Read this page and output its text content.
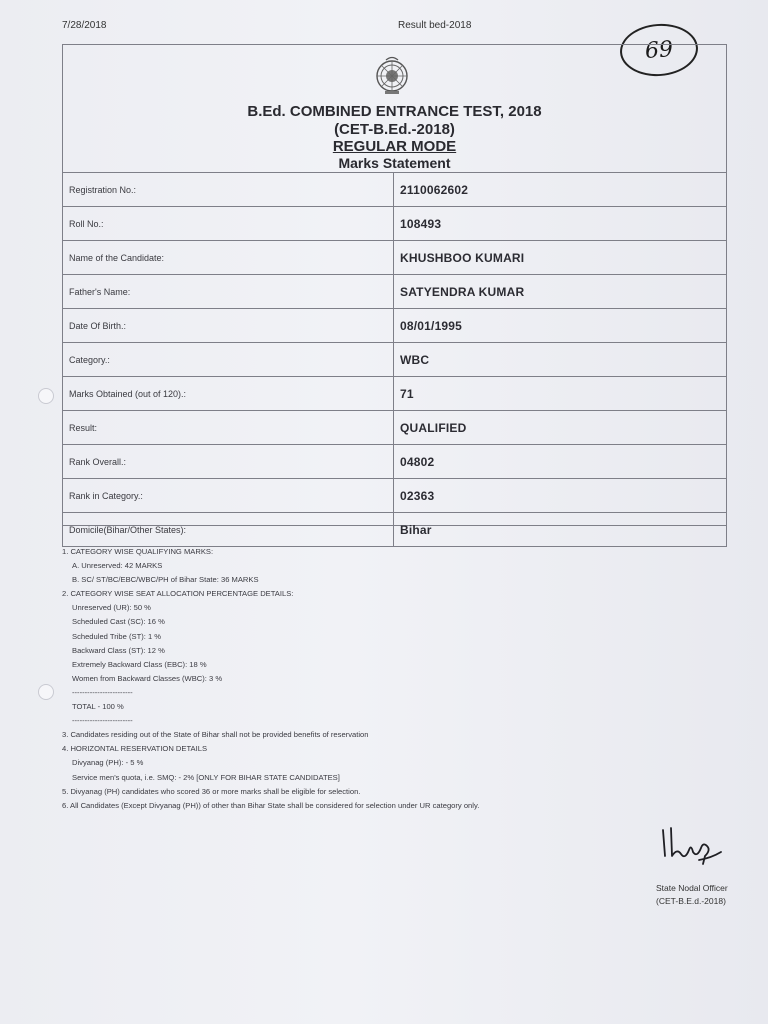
7/28/2018	Result bed-2018
69
B.Ed. COMBINED ENTRANCE TEST, 2018
(CET-B.Ed.-2018)
REGULAR MODE
Marks Statement
Registration No.:	2110062602
Roll No.:	108493
Name of the Candidate:	KHUSHBOO KUMARI
Father's Name:	SATYENDRA KUMAR
Date Of Birth.:	08/01/1995
Category.:	WBC
Marks Obtained (out of 120).:	71
Result:	QUALIFIED
Rank Overall.:	04802
Rank in Category.:	02363
Domicile(Bihar/Other States):	Bihar
1. CATEGORY WISE QUALIFYING MARKS:
A. Unreserved: 42 MARKS
B. SC/ ST/BC/EBC/WBC/PH of Bihar State: 36 MARKS
2. CATEGORY WISE SEAT ALLOCATION PERCENTAGE DETAILS:
Unreserved (UR): 50 %
Scheduled Cast (SC): 16 %
Scheduled Tribe (ST): 1 %
Backward Class (ST): 12 %
Extremely Backward Class (EBC): 18 %
Women from Backward Classes (WBC): 3 %
------------------------
TOTAL - 100 %
------------------------
3. Candidates residing out of the State of Bihar shall not be provided benefits of reservation
4. HORIZONTAL RESERVATION DETAILS
Divyanag (PH): - 5 %
Service men's quota, i.e. SMQ: - 2% [ONLY FOR BIHAR STATE CANDIDATES]
5. Divyanag (PH) candidates who scored 36 or more marks shall be eligible for selection.
6. All Candidates (Except Divyanag (PH)) of other than Bihar State shall be considered for selection under UR category only.
State Nodal Officer
(CET-B.E.d.-2018)
